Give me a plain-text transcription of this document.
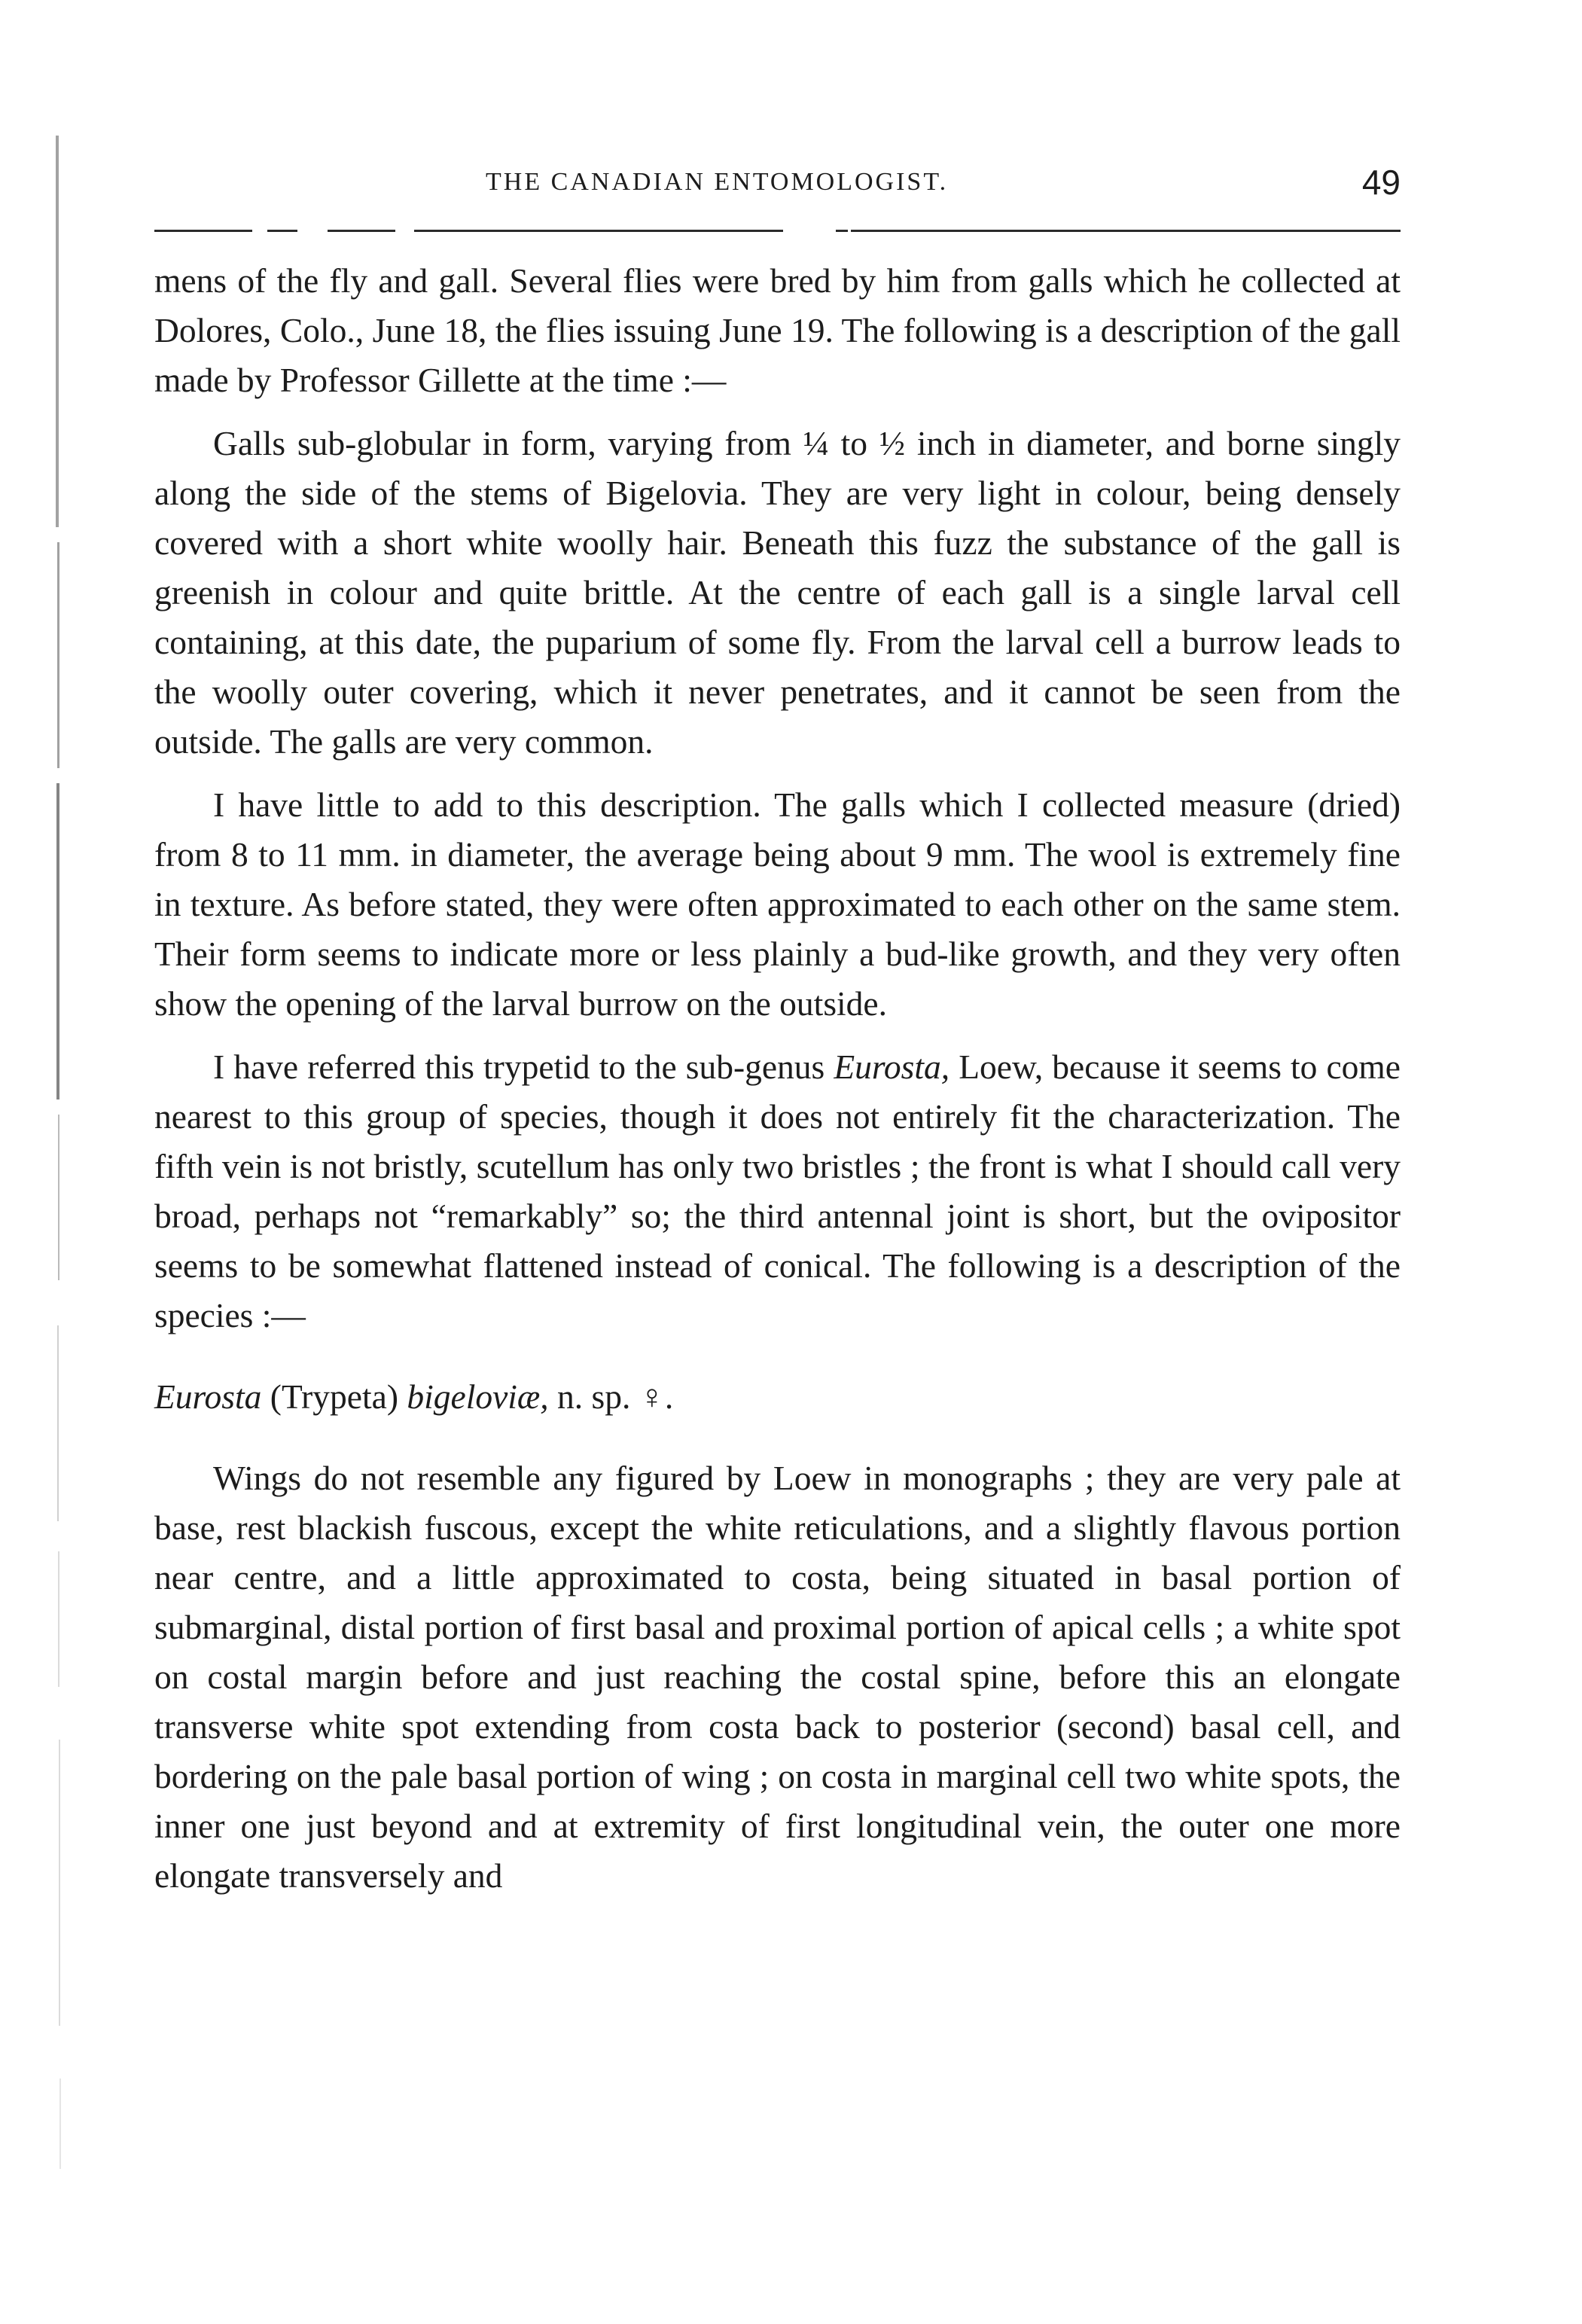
THE CANADIAN ENTOMOLOGIST.	49

mens of the fly and gall. Several flies were bred by him from galls which he collected at Dolores, Colo., June 18, the flies issuing June 19. The following is a description of the gall made by Professor Gillette at the time :—

Galls sub-globular in form, varying from ¼ to ½ inch in diameter, and borne singly along the side of the stems of Bigelovia. They are very light in colour, being densely covered with a short white woolly hair. Beneath this fuzz the substance of the gall is greenish in colour and quite brittle. At the centre of each gall is a single larval cell containing, at this date, the puparium of some fly. From the larval cell a burrow leads to the woolly outer covering, which it never penetrates, and it cannot be seen from the outside. The galls are very common.

I have little to add to this description. The galls which I collected measure (dried) from 8 to 11 mm. in diameter, the average being about 9 mm. The wool is extremely fine in texture. As before stated, they were often approximated to each other on the same stem. Their form seems to indicate more or less plainly a bud-like growth, and they very often show the opening of the larval burrow on the outside.

I have referred this trypetid to the sub-genus Eurosta, Loew, because it seems to come nearest to this group of species, though it does not entirely fit the characterization. The fifth vein is not bristly, scutellum has only two bristles ; the front is what I should call very broad, perhaps not “remarkably” so; the third antennal joint is short, but the ovipositor seems to be somewhat flattened instead of conical. The following is a description of the species :—

Eurosta (Trypeta) bigeloviæ, n. sp. ♀.

Wings do not resemble any figured by Loew in monographs ; they are very pale at base, rest blackish fuscous, except the white reticulations, and a slightly flavous portion near centre, and a little approximated to costa, being situated in basal portion of submarginal, distal portion of first basal and proximal portion of apical cells ; a white spot on costal margin before and just reaching the costal spine, before this an elongate transverse white spot extending from costa back to posterior (second) basal cell, and bordering on the pale basal portion of wing ; on costa in marginal cell two white spots, the inner one just beyond and at extremity of first longitudinal vein, the outer one more elongate transversely and
